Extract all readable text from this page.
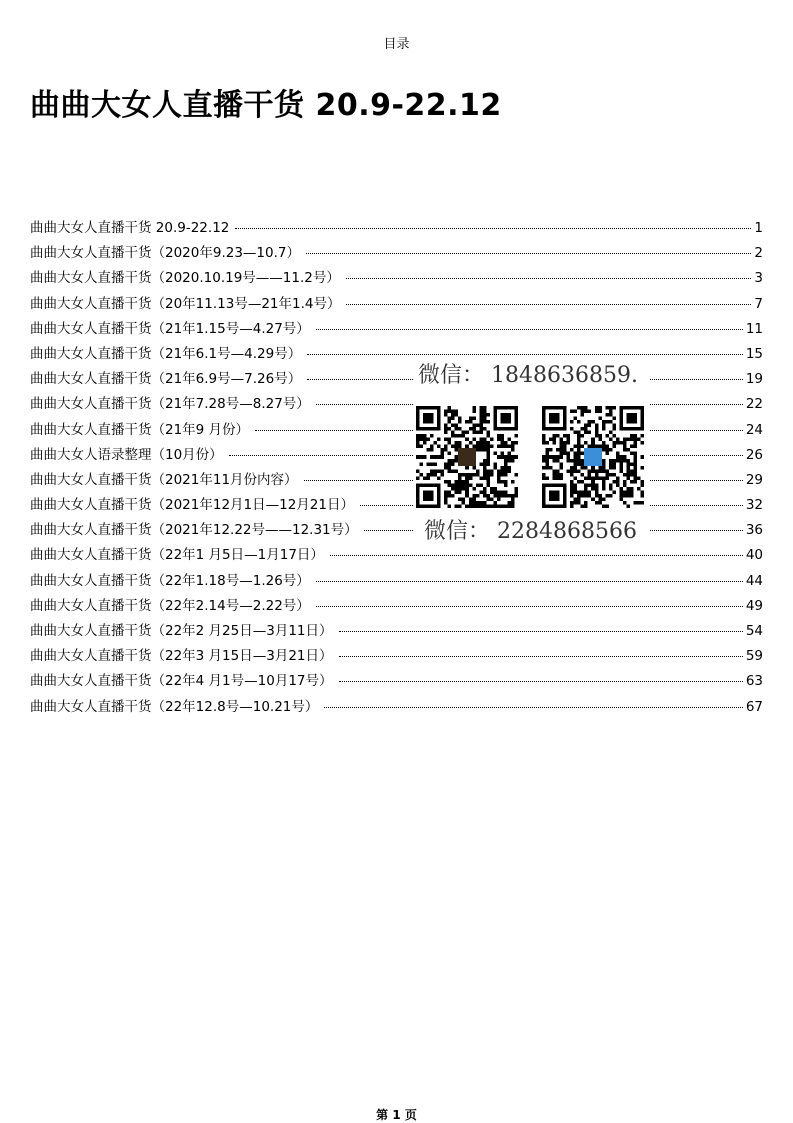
目录
曲曲大女人直播干货 20.9-22.12
曲曲大女人直播干货 20.9-22.12	1
曲曲大女人直播干货（2020年9.23—10.7）	2
曲曲大女人直播干货（2020.10.19号——11.2号）	3
曲曲大女人直播干货（20年11.13号—21年1.4号）	7
曲曲大女人直播干货（21年1.15号—4.27号）	11
曲曲大女人直播干货（21年6.1号—4.29号）	15
曲曲大女人直播干货（21年6.9号—7.26号）	19
曲曲大女人直播干货（21年7.28号—8.27号）	22
曲曲大女人直播干货（21年9 月份）	24
曲曲大女人语录整理（10月份）	26
曲曲大女人直播干货（2021年11月份内容）	29
曲曲大女人直播干货（2021年12月1日—12月21日）	32
曲曲大女人直播干货（2021年12.22号——12.31号）	36
曲曲大女人直播干货（22年1 月5日—1月17日）	40
曲曲大女人直播干货（22年1.18号—1.26号）	44
曲曲大女人直播干货（22年2.14号—2.22号）	49
曲曲大女人直播干货（22年2 月25日—3月11日）	54
曲曲大女人直播干货（22年3 月15日—3月21日）	59
曲曲大女人直播干货（22年4 月1号—10月17号）	63
曲曲大女人直播干货（22年12.8号—10.21号）	67
微信： 1848636859.
微信： 2284868566
第 1 页
